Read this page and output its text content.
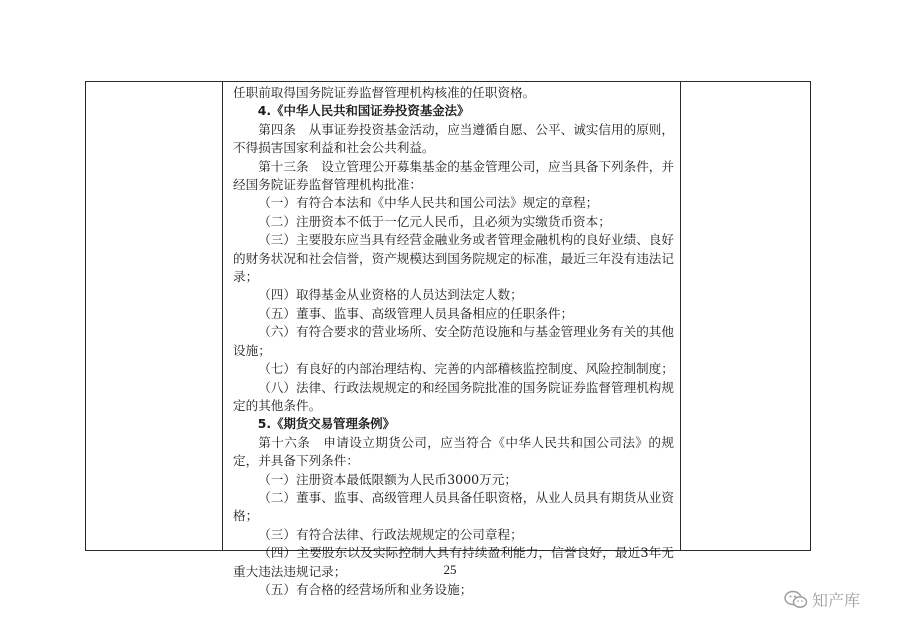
任职前取得国务院证券监督管理机构核准的任职资格。

4.《中华人民共和国证券投资基金法》

第四条　从事证券投资基金活动，应当遵循自愿、公平、诚实信用的原则，不得损害国家利益和社会公共利益。

第十三条　设立管理公开募集基金的基金管理公司，应当具备下列条件，并经国务院证券监督管理机构批准：

（一）有符合本法和《中华人民共和国公司法》规定的章程；

（二）注册资本不低于一亿元人民币，且必须为实缴货币资本；

（三）主要股东应当具有经营金融业务或者管理金融机构的良好业绩、良好的财务状况和社会信誉，资产规模达到国务院规定的标准，最近三年没有违法记录；

（四）取得基金从业资格的人员达到法定人数；

（五）董事、监事、高级管理人员具备相应的任职条件；

（六）有符合要求的营业场所、安全防范设施和与基金管理业务有关的其他设施；

（七）有良好的内部治理结构、完善的内部稽核监控制度、风险控制制度；

（八）法律、行政法规规定的和经国务院批准的国务院证券监督管理机构规定的其他条件。

5.《期货交易管理条例》

第十六条　申请设立期货公司，应当符合《中华人民共和国公司法》的规定，并具备下列条件：

（一）注册资本最低限额为人民币3000万元；

（二）董事、监事、高级管理人员具备任职资格，从业人员具有期货从业资格；

（三）有符合法律、行政法规规定的公司章程；

（四）主要股东以及实际控制人具有持续盈利能力，信誉良好，最近3年无重大违法违规记录；

（五）有合格的经营场所和业务设施；

25
知产库
